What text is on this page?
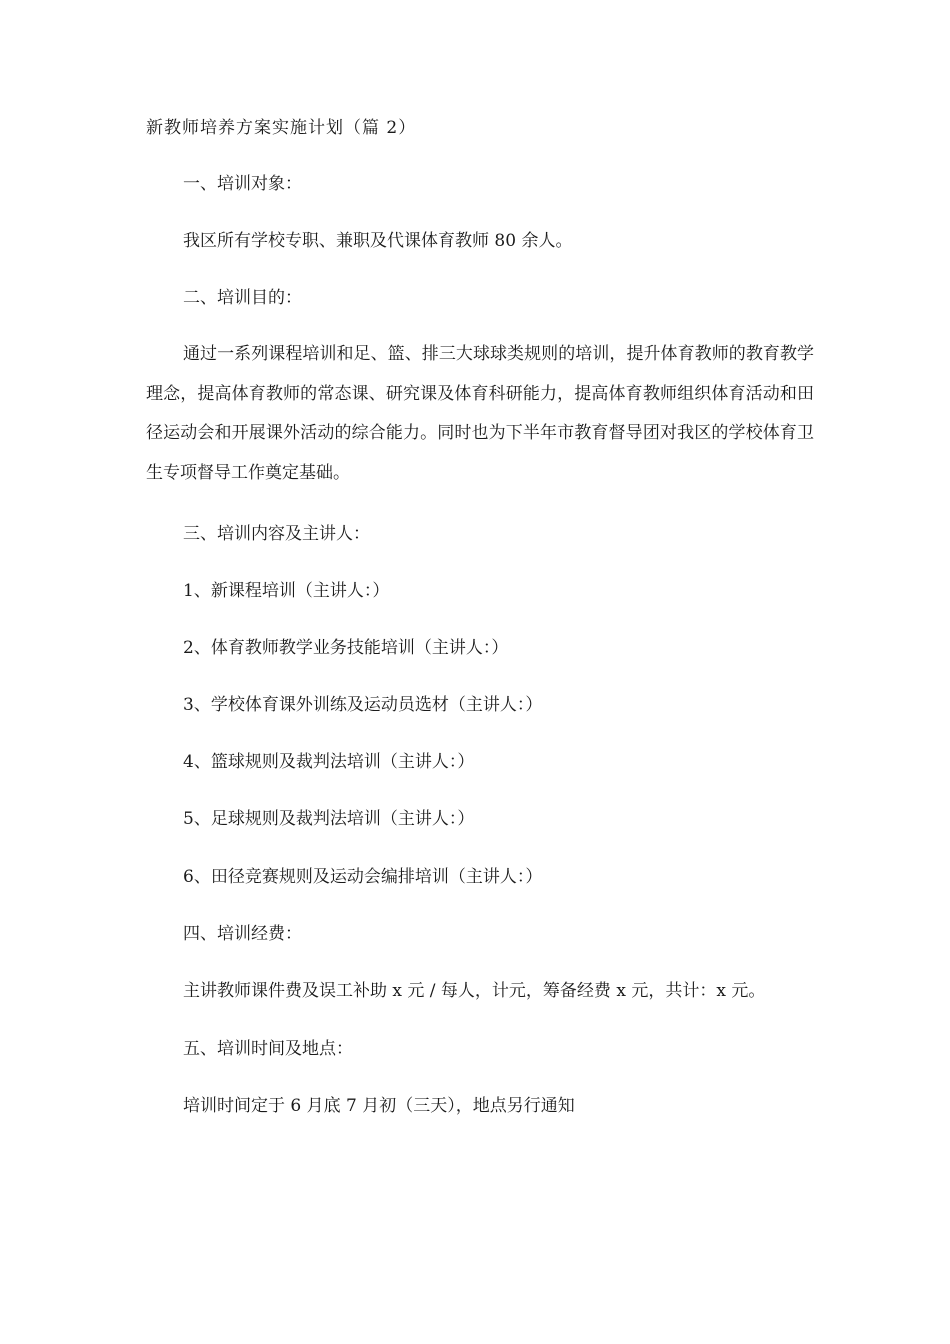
新教师培养方案实施计划（篇 2）
一、培训对象：
我区所有学校专职、兼职及代课体育教师 80 余人。
二、培训目的：

通过一系列课程培训和足、篮、排三大球球类规则的培训，提升体育教师的教育教学理念，提高体育教师的常态课、研究课及体育科研能力，提高体育教师组织体育活动和田径运动会和开展课外活动的综合能力。同时也为下半年市教育督导团对我区的学校体育卫生专项督导工作奠定基础。

三、培训内容及主讲人：
1、新课程培训（主讲人：）
2、体育教师教学业务技能培训（主讲人：）
3、学校体育课外训练及运动员选材（主讲人：）
4、篮球规则及裁判法培训（主讲人：）
5、足球规则及裁判法培训（主讲人：）
6、田径竞赛规则及运动会编排培训（主讲人：）
四、培训经费：
主讲教师课件费及误工补助 x 元 / 每人，计元，筹备经费 x 元，共计：x 元。
五、培训时间及地点：
培训时间定于 6 月底 7 月初（三天），地点另行通知
